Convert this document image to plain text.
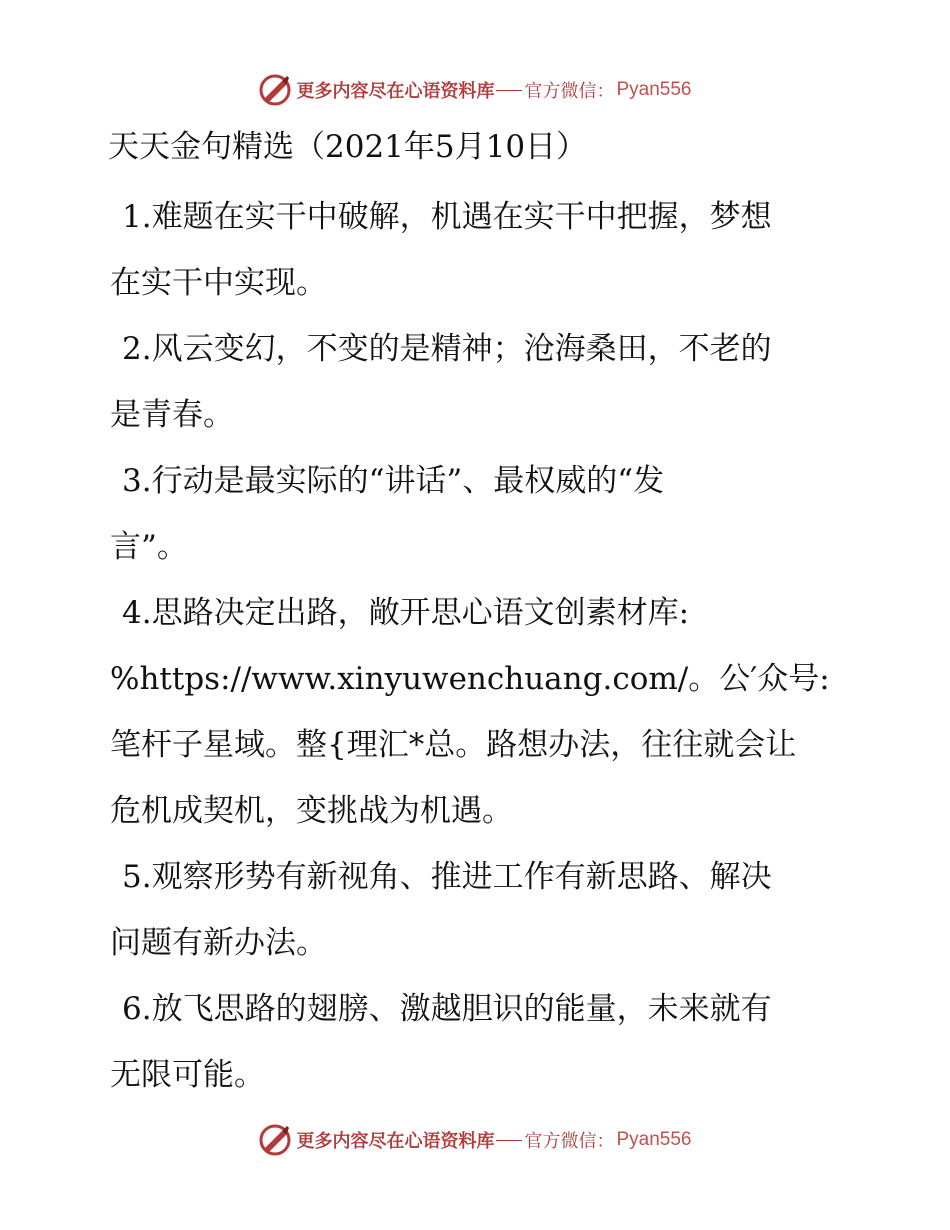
更多内容尽在心语资料库 官方微信： Pyan556
天天金句精选（2021年5月10日）
1.难题在实干中破解，机遇在实干中把握，梦想
在实干中实现。
2.风云变幻，不变的是精神；沧海桑田，不老的
是青春。
3.行动是最实际的“讲话”、最权威的“发
言”。
4.思路决定出路，敞开思心语文创素材库:
%https://www.xinyuwenchuang.com/。公′众号:
笔杆子星域。整{理汇*总。路想办法，往往就会让
危机成契机，变挑战为机遇。
5.观察形势有新视角、推进工作有新思路、解决
问题有新办法。
6.放飞思路的翅膀、激越胆识的能量，未来就有
无限可能。
更多内容尽在心语资料库 官方微信： Pyan556
